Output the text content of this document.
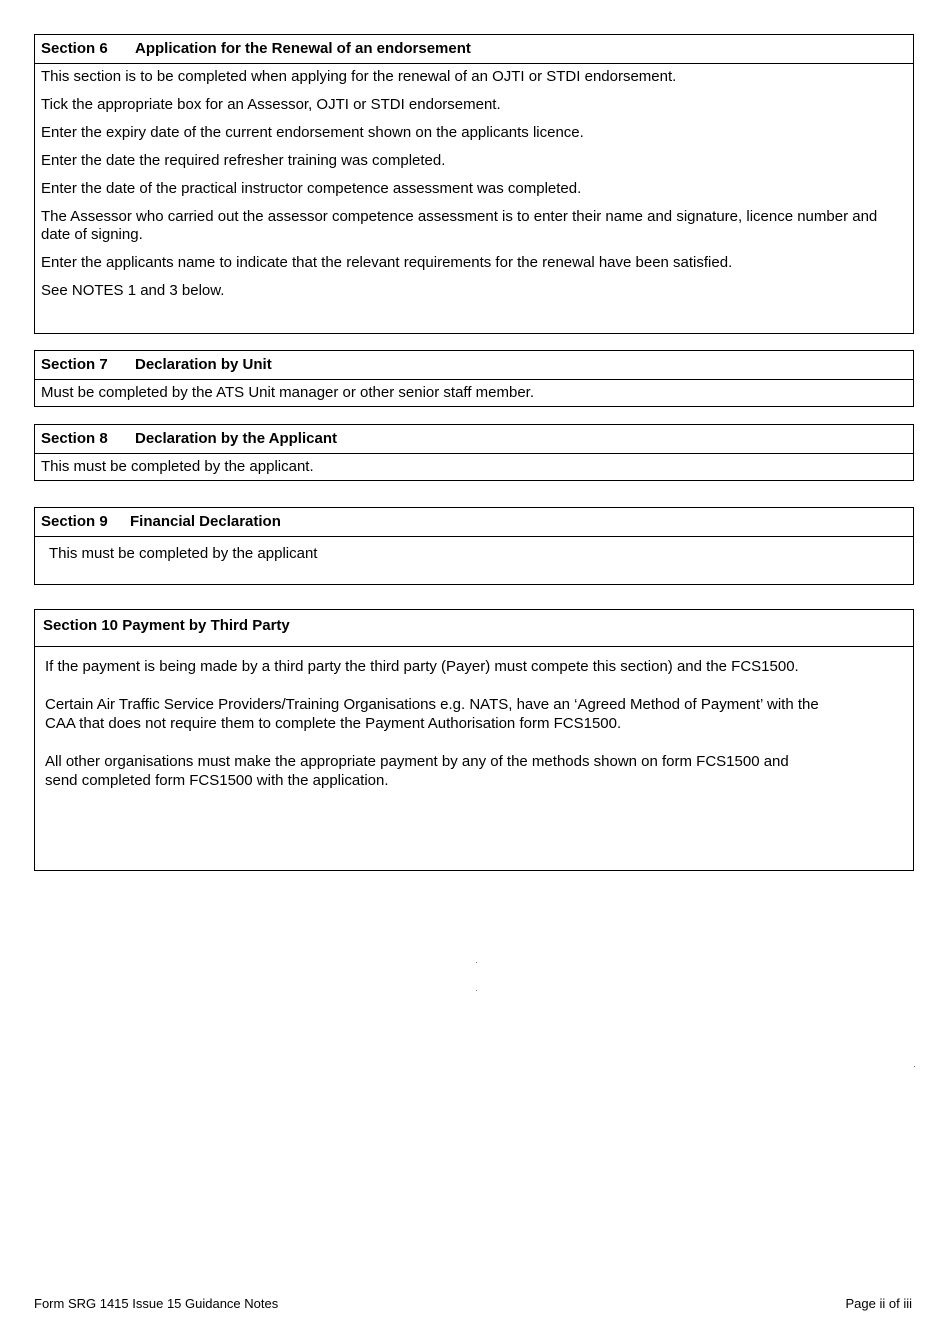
Section 6 Application for the Renewal of an endorsement

This section is to be completed when applying for the renewal of an OJTI or STDI endorsement.

Tick the appropriate box for an Assessor, OJTI or STDI endorsement.

Enter the expiry date of the current endorsement shown on the applicants licence.

Enter the date the required refresher training was completed.

Enter the date of the practical instructor competence assessment was completed.

The Assessor who carried out the assessor competence assessment is to enter their name and signature, licence number and date of signing.

Enter the applicants name to indicate that the relevant requirements for the renewal have been satisfied.

See NOTES 1 and 3 below.

Section 7 Declaration by Unit
Must be completed by the ATS Unit manager or other senior staff member.
Section 8 Declaration by the Applicant
This must be completed by the applicant.
Section 9 Financial Declaration
This must be completed by the applicant
Section 10 Payment by Third Party

If the payment is being made by a third party the third party (Payer) must compete this section) and the FCS1500.

Certain Air Traffic Service Providers/Training Organisations e.g. NATS, have an ‘Agreed Method of Payment’ with the
CAA that does not require them to complete the Payment Authorisation form FCS1500.

All other organisations must make the appropriate payment by any of the methods shown on form FCS1500 and
send completed form FCS1500 with the application.

Form SRG 1415 Issue 15 Guidance Notes	Page ii of iii
